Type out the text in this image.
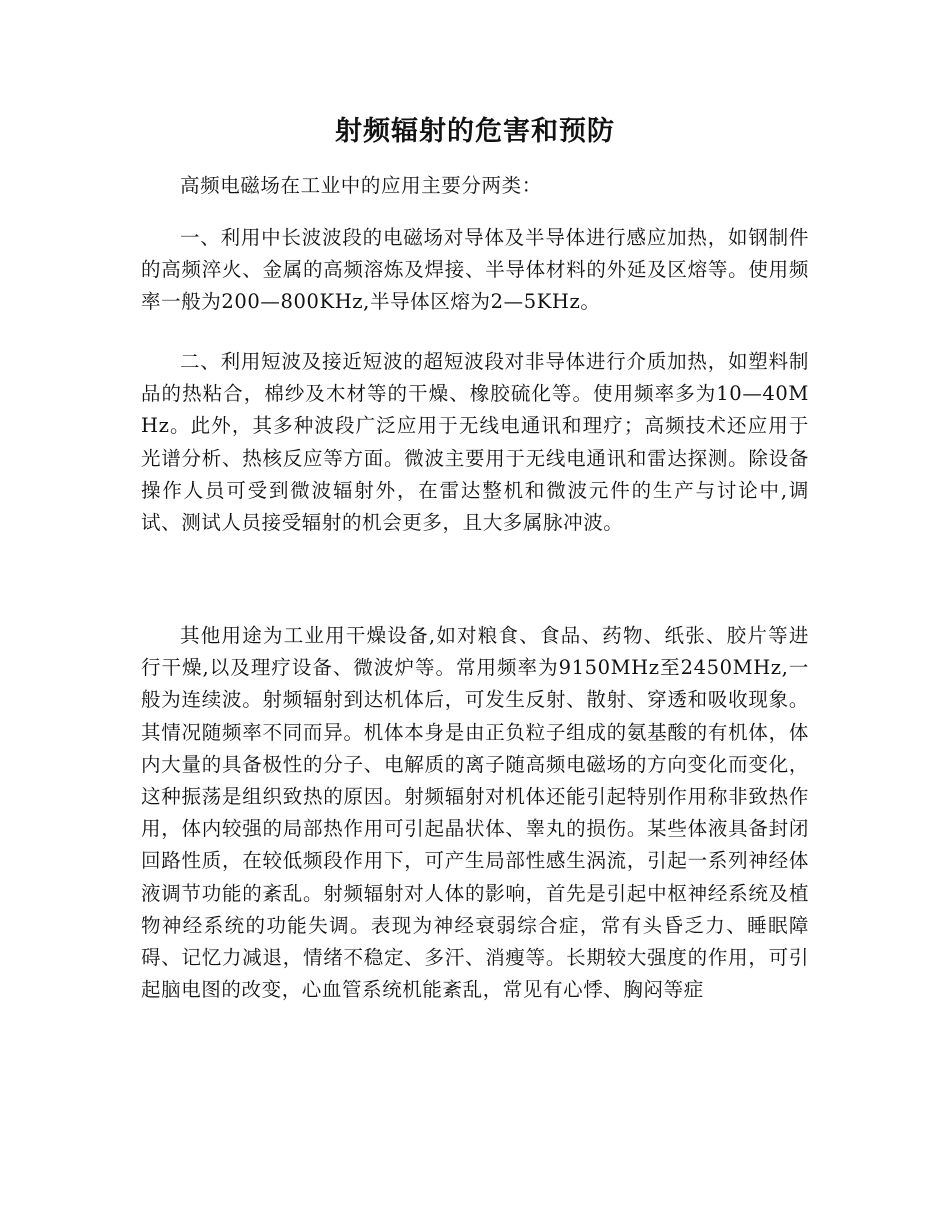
射频辐射的危害和预防

高频电磁场在工业中的应用主要分两类：

一、利用中长波波段的电磁场对导体及半导体进行感应加热，如钢制件的高频淬火、金属的高频溶炼及焊接、半导体材料的外延及区熔等。使用频率一般为200—800KHz,半导体区熔为2—5KHz。

二、利用短波及接近短波的超短波段对非导体进行介质加热，如塑料制品的热粘合，棉纱及木材等的干燥、橡胶硫化等。使用频率多为10—40MHz。此外，其多种波段广泛应用于无线电通讯和理疗；高频技术还应用于光谱分析、热核反应等方面。微波主要用于无线电通讯和雷达探测。除设备操作人员可受到微波辐射外，在雷达整机和微波元件的生产与讨论中,调试、测试人员接受辐射的机会更多，且大多属脉冲波。

其他用途为工业用干燥设备,如对粮食、食品、药物、纸张、胶片等进行干燥,以及理疗设备、微波炉等。常用频率为9150MHz至2450MHz,一般为连续波。射频辐射到达机体后，可发生反射、散射、穿透和吸收现象。其情况随频率不同而异。机体本身是由正负粒子组成的氨基酸的有机体，体内大量的具备极性的分子、电解质的离子随高频电磁场的方向变化而变化，这种振荡是组织致热的原因。射频辐射对机体还能引起特别作用称非致热作用，体内较强的局部热作用可引起晶状体、睾丸的损伤。某些体液具备封闭回路性质，在较低频段作用下，可产生局部性感生涡流，引起一系列神经体液调节功能的紊乱。射频辐射对人体的影响，首先是引起中枢神经系统及植物神经系统的功能失调。表现为神经衰弱综合症，常有头昏乏力、睡眠障碍、记忆力减退，情绪不稳定、多汗、消瘦等。长期较大强度的作用，可引起脑电图的改变，心血管系统机能紊乱，常见有心悸、胸闷等症
